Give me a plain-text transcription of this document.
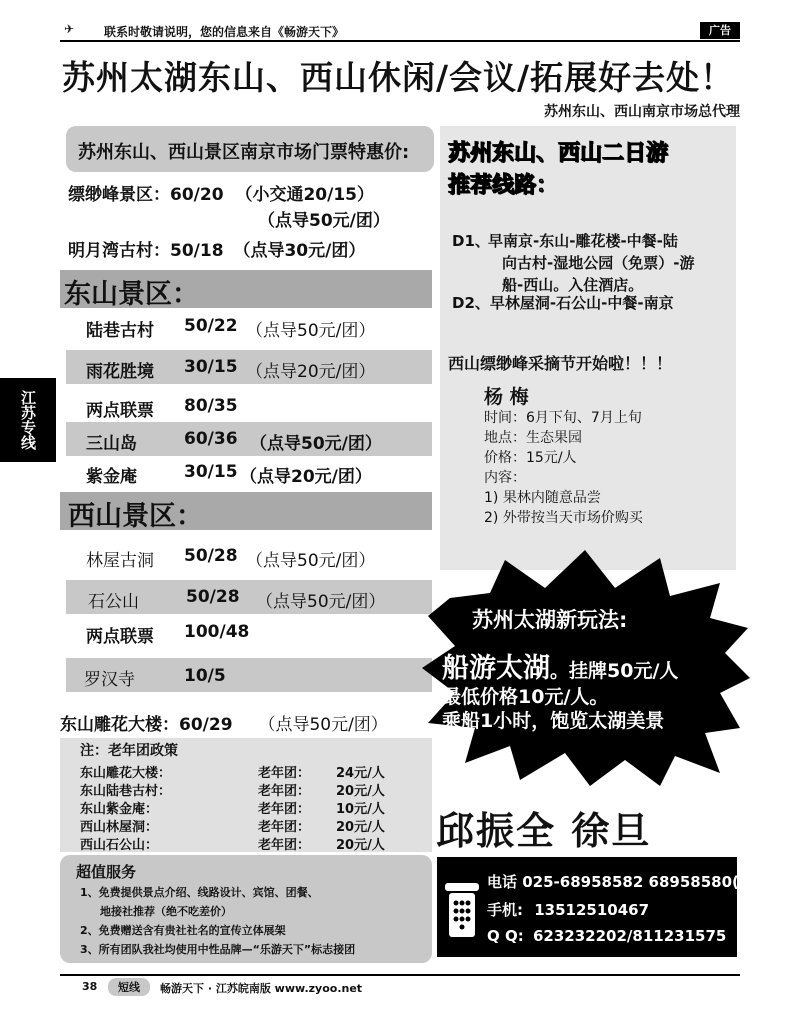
✈ 联系时敬请说明，您的信息来自《畅游天下》	广告
江苏专线
苏州太湖东山、西山休闲/会议/拓展好去处！
苏州东山、西山南京市场总代理
苏州东山、西山景区南京市场门票特惠价:
缥缈峰景区：60/20 （小交通20/15）
（点导50元/团）
明月湾古村：50/18 （点导30元/团）
东山景区：
陆巷古村 50/22 （点导50元/团）
雨花胜境 30/15 （点导20元/团）
两点联票 80/35
三山岛	60/36 （点导50元/团）
紫金庵	30/15 （点导20元/团）
西山景区：
林屋古洞 50/28 （点导50元/团）
石公山	50/28 （点导50元/团）
两点联票 100/48
罗汉寺	10/5
东山雕花大楼：60/29 （点导50元/团）
注：老年团政策
东山雕花大楼：	老年团： 24元/人
东山陆巷古村：	老年团： 20元/人
东山紫金庵：	老年团： 10元/人
西山林屋洞：	老年团： 20元/人
西山石公山：	老年团： 20元/人
超值服务
1、免费提供景点介绍、线路设计、宾馆、团餐、
地接社推荐（绝不吃差价）
2、免费赠送含有贵社社名的宣传立体展架
3、所有团队我社均使用中性品牌—“乐游天下”标志接团
苏州东山、西山二日游
推荐线路：
D1、
早南京-东山-雕花楼-中餐-陆
向古村-湿地公园（免票）-游
船-西山。入住酒店。
D2、早林屋洞-石公山-中餐-南京
西山缥缈峰采摘节开始啦！！！
杨 梅
时间：6月下旬、7月上旬
地点：生态果园
价格：15元/人
内容：
1) 果林内随意品尝
2) 外带按当天市场价购买
苏州太湖新玩法:
船游太湖。挂牌50元/人
最低价格10元/人。
乘船1小时，饱览太湖美景
邱振全 徐旦
电话 025-68958582 68958580(F)
手机: 13512510467
Q Q: 623232202/811231575
38	短线	畅游天下 · 江苏皖南版 www.zyoo.net
